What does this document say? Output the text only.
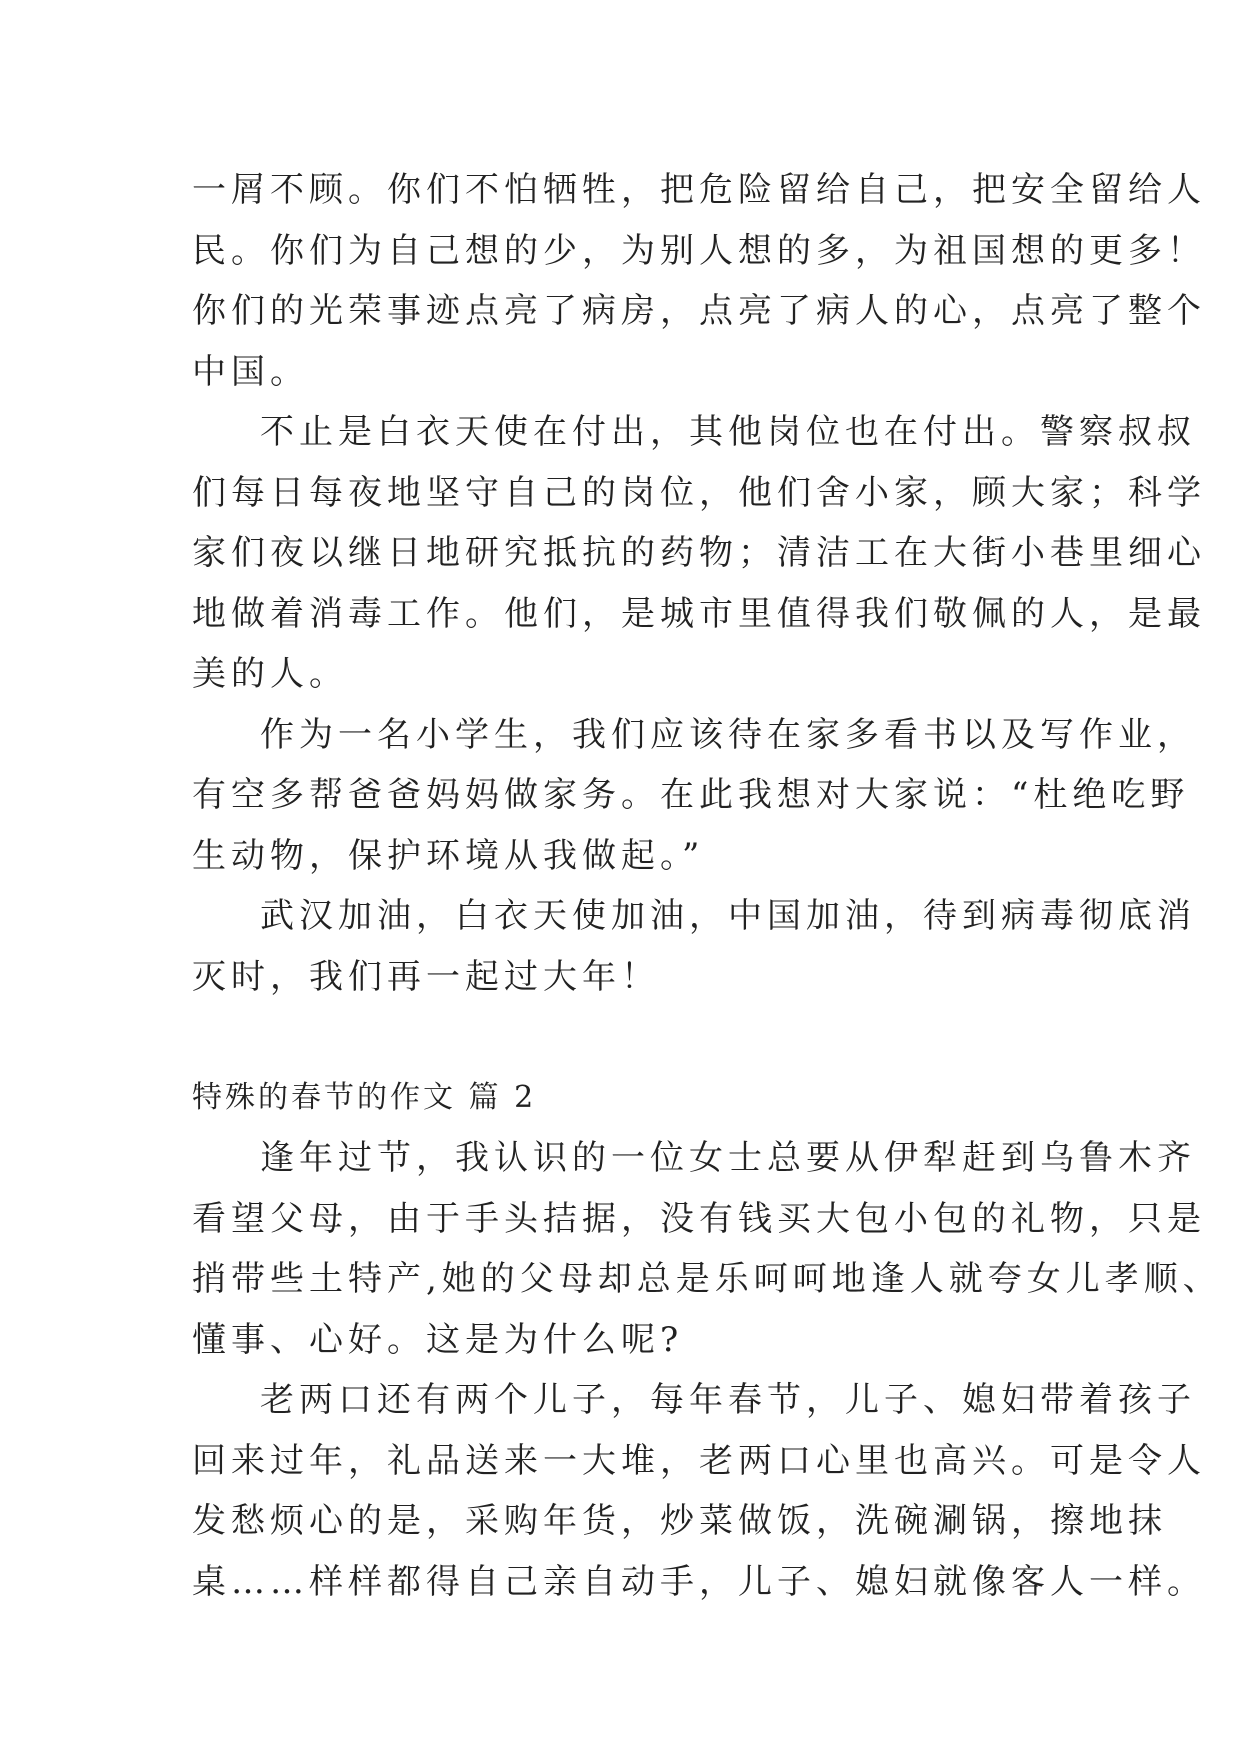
一屑不顾。你们不怕牺牲，把危险留给自己，把安全留给人
民。你们为自己想的少，为别人想的多，为祖国想的更多！
你们的光荣事迹点亮了病房，点亮了病人的心，点亮了整个
中国。
不止是白衣天使在付出，其他岗位也在付出。警察叔叔
们每日每夜地坚守自己的岗位，他们舍小家，顾大家；科学
家们夜以继日地研究抵抗的药物；清洁工在大街小巷里细心
地做着消毒工作。他们，是城市里值得我们敬佩的人，是最
美的人。
作为一名小学生，我们应该待在家多看书以及写作业，
有空多帮爸爸妈妈做家务。在此我想对大家说：“杜绝吃野
生动物，保护环境从我做起。”
武汉加油，白衣天使加油，中国加油，待到病毒彻底消
灭时，我们再一起过大年！
特殊的春节的作文 篇 2
逢年过节，我认识的一位女士总要从伊犁赶到乌鲁木齐
看望父母，由于手头拮据，没有钱买大包小包的礼物，只是
捎带些土特产,她的父母却总是乐呵呵地逢人就夸女儿孝顺、
懂事、心好。这是为什么呢?
老两口还有两个儿子，每年春节，儿子、媳妇带着孩子
回来过年，礼品送来一大堆，老两口心里也高兴。可是令人
发愁烦心的是，采购年货，炒菜做饭，洗碗涮锅，擦地抹
桌……样样都得自己亲自动手，儿子、媳妇就像客人一样。
